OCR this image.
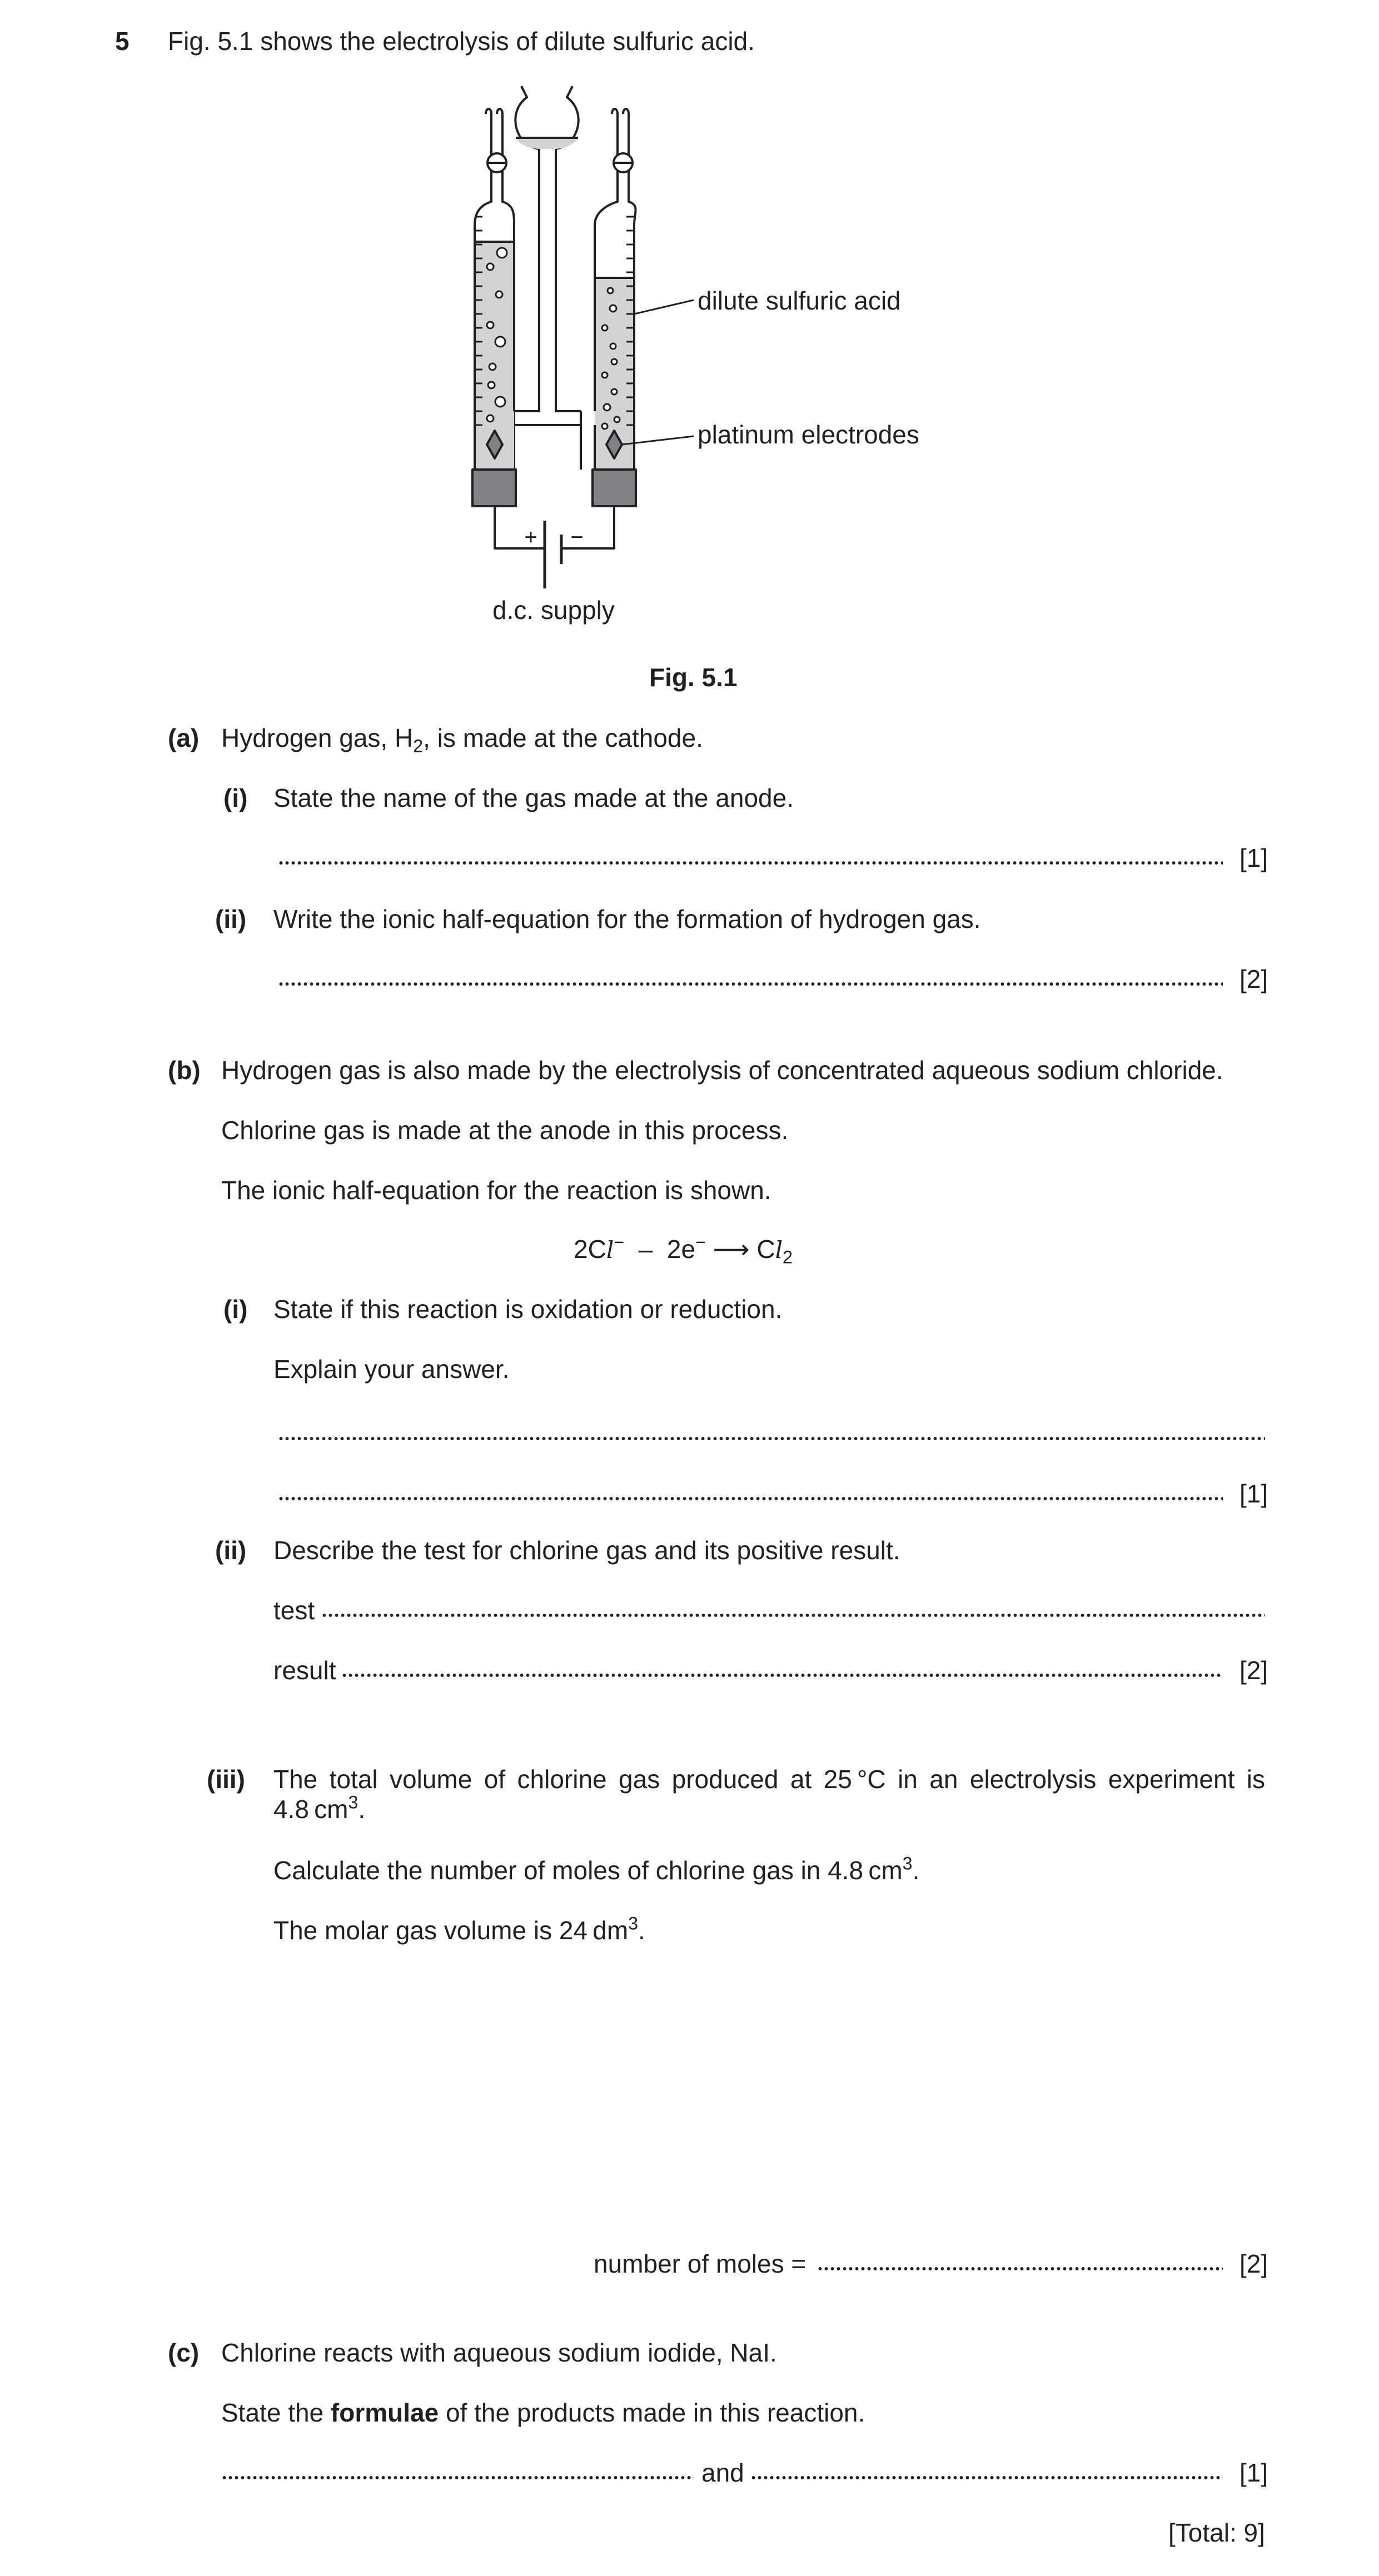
5 Fig. 5.1 shows the electrolysis of dilute sulfuric acid.
+ −
dilute sulfuric acid
platinum electrodes
d.c. supply
Fig. 5.1
(a) Hydrogen gas, $H_2$, is made at the cathode.
(i) State the name of the gas made at the anode.
[1]
(ii) Write the ionic half-equation for the formation of hydrogen gas.
[2]
(b) Hydrogen gas is also made by the electrolysis of concentrated aqueous sodium chloride.
Chlorine gas is made at the anode in this process.
The ionic half-equation for the reaction is shown.
2Cl− – 2e− ⟶ $Cl_2$
(i) State if this reaction is oxidation or reduction.
Explain your answer.
[1]
(ii) Describe the test for chlorine gas and its positive result.
test
result	[2]
(iii) The total volume of chlorine gas produced at 25 °C in an electrolysis experiment is
4.8 $cm^3$.
Calculate the number of moles of chlorine gas in 4.8 $cm^3$.
The molar gas volume is 24 $dm^3$.
number of moles =	[2]
(c) Chlorine reacts with aqueous sodium iodide, NaI.
State the formulae of the products made in this reaction.
and	[1]
[Total: 9]
